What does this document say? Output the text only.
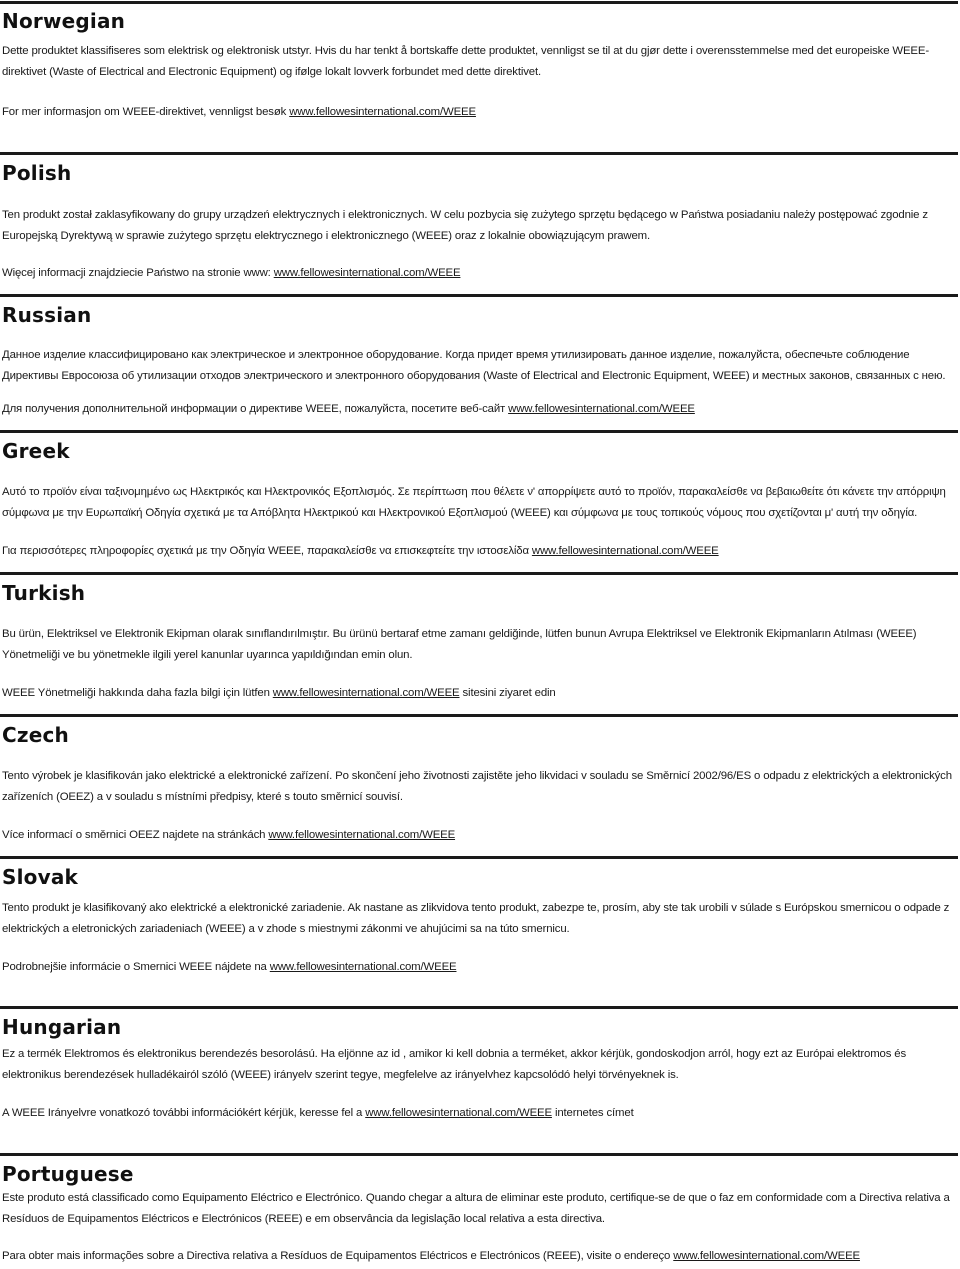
Norwegian

Dette produktet klassifiseres som elektrisk og elektronisk utstyr. Hvis du har tenkt å bortskaffe dette produktet, vennligst se til at du gjør dette i overensstemmelse med det europeiske WEEE-direktivet (Waste of Electrical and Electronic Equipment) og ifølge lokalt lovverk forbundet med dette direktivet.

For mer informasjon om WEEE-direktivet, vennligst besøk www.fellowesinternational.com/WEEE

Polish

Ten produkt został zaklasyfikowany do grupy urządzeń elektrycznych i elektronicznych. W celu pozbycia się zużytego sprzętu będącego w Państwa posiadaniu należy postępować zgodnie z Europejską Dyrektywą w sprawie zużytego sprzętu elektrycznego i elektronicznego (WEEE) oraz z lokalnie obowiązującym prawem.

Więcej informacji znajdziecie Państwo na stronie www: www.fellowesinternational.com/WEEE

Russian

Данное изделие классифицировано как электрическое и электронное оборудование. Когда придет время утилизировать данное изделие, пожалуйста, обеспечьте соблюдение Директивы Евросоюза об утилизации отходов электрического и электронного оборудования (Waste of Electrical and Electronic Equipment, WEEE) и местных законов, связанных с нею.

Для получения дополнительной информации о директиве WEEE, пожалуйста, посетите веб-сайт www.fellowesinternational.com/WEEE

Greek

Αυτό το προϊόν είναι ταξινομημένο ως Ηλεκτρικός και Ηλεκτρονικός Εξοπλισμός. Σε περίπτωση που θέλετε ν' απορρίψετε αυτό το προϊόν, παρακαλείσθε να βεβαιωθείτε ότι κάνετε την απόρριψη σύμφωνα με την Ευρωπαϊκή Οδηγία σχετικά με τα Απόβλητα Ηλεκτρικού και Ηλεκτρονικού Εξοπλισμού (WEEE) και σύμφωνα με τους τοπικούς νόμους που σχετίζονται μ' αυτή την οδηγία.

Για περισσότερες πληροφορίες σχετικά με την Οδηγία WEEE, παρακαλείσθε να επισκεφτείτε την ιστοσελίδα www.fellowesinternational.com/WEEE

Turkish

Bu ürün, Elektriksel ve Elektronik Ekipman olarak sınıflandırılmıştır. Bu ürünü bertaraf etme zamanı geldiğinde, lütfen bunun Avrupa Elektriksel ve Elektronik Ekipmanların Atılması (WEEE) Yönetmeliği ve bu yönetmekle ilgili yerel kanunlar uyarınca yapıldığından emin olun.

WEEE Yönetmeliği hakkında daha fazla bilgi için lütfen www.fellowesinternational.com/WEEE sitesini ziyaret edin

Czech

Tento výrobek je klasifikován jako elektrické a elektronické zařízení. Po skončení jeho životnosti zajistěte jeho likvidaci v souladu se Směrnicí 2002/96/ES o odpadu z elektrických a elektronických zařízeních (OEEZ) a v souladu s místními předpisy, které s touto směrnicí souvisí.

Více informací o směrnici OEEZ najdete na stránkách www.fellowesinternational.com/WEEE

Slovak

Tento produkt je klasifikovaný ako elektrické a elektronické zariadenie. Ak nastane as zlikvidova tento produkt, zabezpe te, prosím, aby ste tak urobili v súlade s Európskou smernicou o odpade z elektrických a eletronických zariadeniach (WEEE) a v zhode s miestnymi zákonmi ve ahujúcimi sa na túto smernicu.

Podrobnejšie informácie o Smernici WEEE nájdete na www.fellowesinternational.com/WEEE

Hungarian

Ez a termék Elektromos és elektronikus berendezés besorolású. Ha eljönne az id , amikor ki kell dobnia a terméket, akkor kérjük, gondoskodjon arról, hogy ezt az Európai elektromos és elektronikus berendezések hulladékairól szóló (WEEE) irányelv szerint tegye, megfelelve az irányelvhez kapcsolódó helyi törvényeknek is.

A WEEE Irányelvre vonatkozó további információkért kérjük, keresse fel a www.fellowesinternational.com/WEEE internetes címet

Portuguese

Este produto está classificado como Equipamento Eléctrico e Electrónico. Quando chegar a altura de eliminar este produto, certifique-se de que o faz em conformidade com a Directiva relativa a Resíduos de Equipamentos Eléctricos e Electrónicos (REEE) e em observância da legislação local relativa a esta directiva.

Para obter mais informações sobre a Directiva relativa a Resíduos de Equipamentos Eléctricos e Electrónicos (REEE), visite o endereço www.fellowesinternational.com/WEEE
